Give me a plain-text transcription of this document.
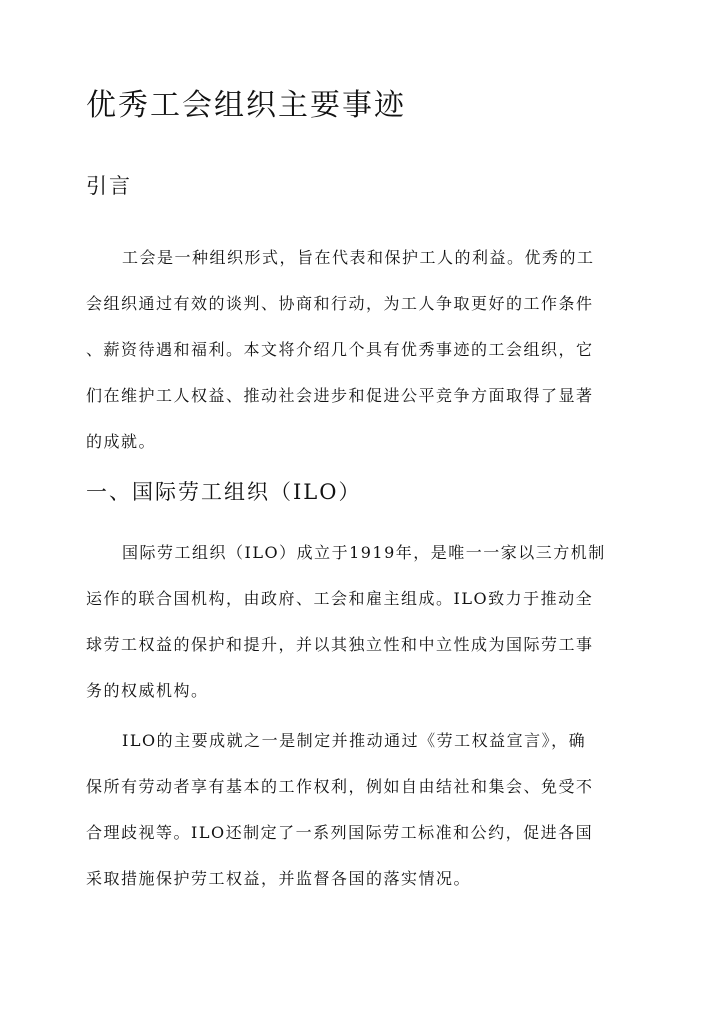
优秀工会组织主要事迹
引言
工会是一种组织形式，旨在代表和保护工人的利益。优秀的工
会组织通过有效的谈判、协商和行动，为工人争取更好的工作条件
、薪资待遇和福利。本文将介绍几个具有优秀事迹的工会组织，它
们在维护工人权益、推动社会进步和促进公平竞争方面取得了显著
的成就。
一、国际劳工组织（ILO）
国际劳工组织（ILO）成立于1919年，是唯一一家以三方机制
运作的联合国机构，由政府、工会和雇主组成。ILO致力于推动全
球劳工权益的保护和提升，并以其独立性和中立性成为国际劳工事
务的权威机构。
ILO的主要成就之一是制定并推动通过《劳工权益宣言》，确
保所有劳动者享有基本的工作权利，例如自由结社和集会、免受不
合理歧视等。ILO还制定了一系列国际劳工标准和公约，促进各国
采取措施保护劳工权益，并监督各国的落实情况。
